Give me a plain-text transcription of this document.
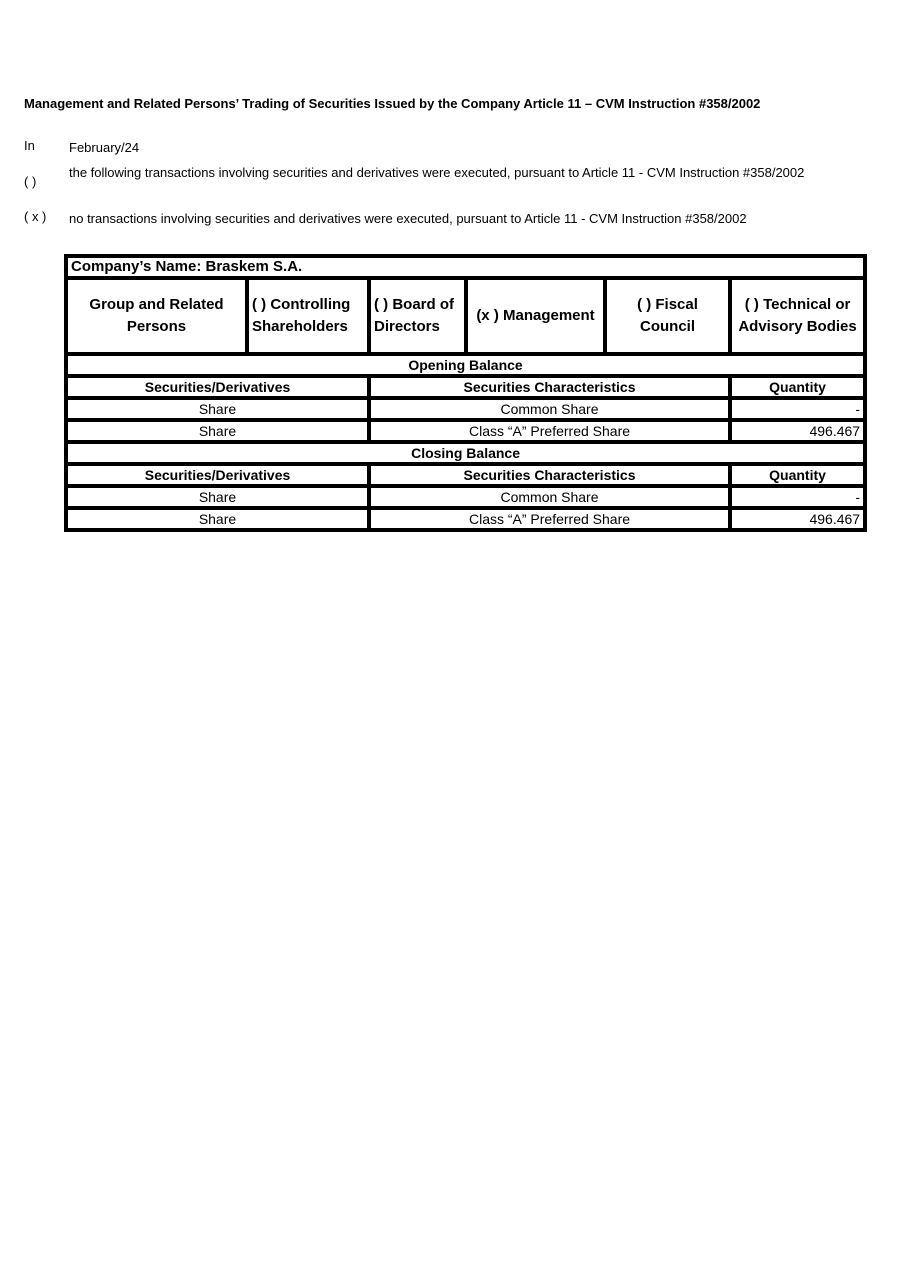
Management and Related Persons’ Trading of Securities Issued by the Company Article 11 – CVM Instruction #358/2002
In	February/24
( )
the following transactions involving securities and derivatives were executed, pursuant to Article 11 - CVM Instruction #358/2002
( x )	no transactions involving securities and derivatives were executed, pursuant to Article 11 - CVM Instruction #358/2002
Company’s Name: Braskem S.A.					
Group and Related Persons	( ) Controlling Shareholders	( ) Board of Directors	(x ) Management	( ) Fiscal Council	( ) Technical or Advisory Bodies
Opening Balance					
Securities/Derivatives		Securities Characteristics			Quantity
Share		Common Share			-
Share		Class “A” Preferred Share			496.467
Closing Balance					
Securities/Derivatives		Securities Characteristics			Quantity
Share		Common Share			-
Share		Class “A” Preferred Share			496.467
